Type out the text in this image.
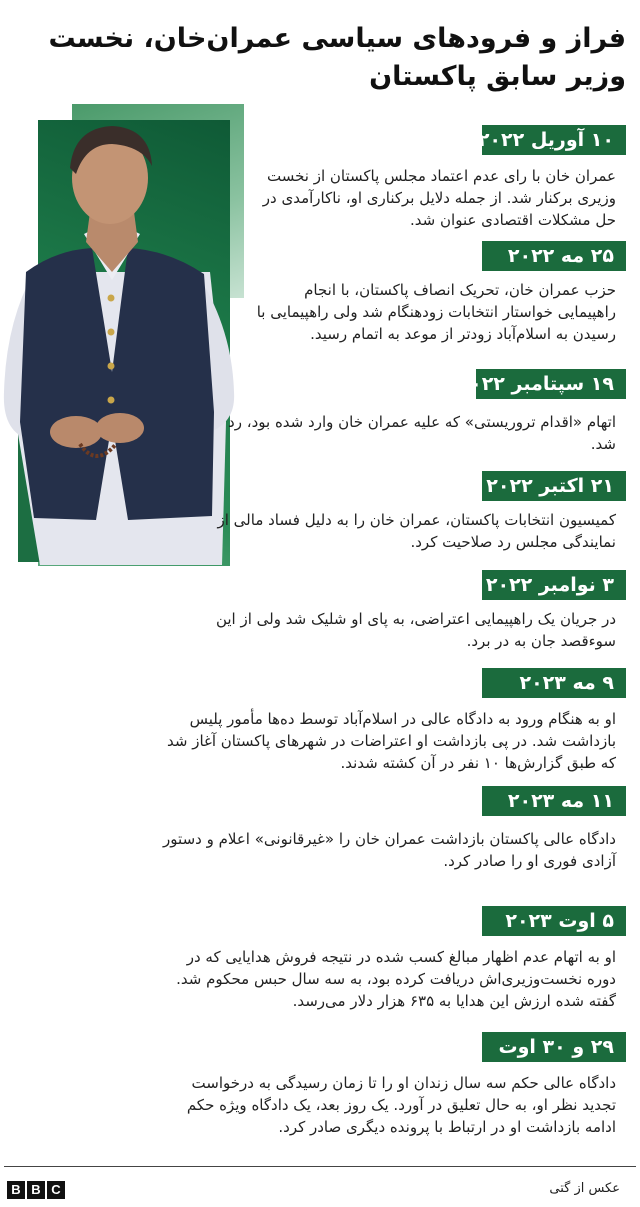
فراز و فرودهای سیاسی عمران‌خان، نخست وزیر سابق پاکستان
۱۰ آوریل ۲۰۲۲
عمران خان با رای عدم اعتماد مجلس پاکستان از نخست وزیری برکنار شد. از جمله دلایل برکناری او، ناکارآمدی در حل مشکلات اقتصادی عنوان شد.
۲۵ مه ۲۰۲۲
حزب عمران خان، تحریک انصاف پاکستان، با انجام راهپیمایی خواستار انتخابات زودهنگام شد ولی راهپیمایی با رسیدن به اسلام‌آباد زودتر از موعد به اتمام رسید.
۱۹ سپتامبر ۲۰۲۲
اتهام «اقدام تروریستی» که علیه عمران خان وارد شده بود، رد شد.
۲۱ اکتبر ۲۰۲۲
کمیسیون انتخابات پاکستان، عمران خان را به دلیل فساد مالی از نمایندگی مجلس رد صلاحیت کرد.
۳ نوامبر ۲۰۲۲
در جریان یک راهپیمایی اعتراضی، به پای او شلیک شد ولی از این سوءقصد جان به در برد.
۹ مه ۲۰۲۳
او به هنگام ورود به دادگاه عالی در اسلام‌آباد توسط ده‌ها مأمور پلیس بازداشت شد. در پی بازداشت او اعتراضات در شهرهای پاکستان آغاز شد که طبق گزارش‌ها ۱۰ نفر در آن کشته شدند.
۱۱ مه ۲۰۲۳
دادگاه عالی پاکستان بازداشت عمران خان را «غیرقانونی» اعلام و دستور آزادی فوری او را صادر کرد.
۵ اوت ۲۰۲۳
او به اتهام عدم اظهار مبالغ کسب شده در نتیجه فروش هدایایی که در دوره نخست‌وزیری‌اش دریافت کرده بود، به سه سال حبس محکوم شد. گفته شده ارزش این هدایا به ۶۳۵ هزار دلار می‌رسد.
۲۹ و ۳۰ اوت
دادگاه عالی حکم سه سال زندان او را تا زمان رسیدگی به درخواست تجدید نظر او، به حال تعلیق در آورد. یک روز بعد، یک دادگاه ویژه حکم ادامه بازداشت او در ارتباط با پرونده دیگری صادر کرد.
عکس از گتی
B B C
